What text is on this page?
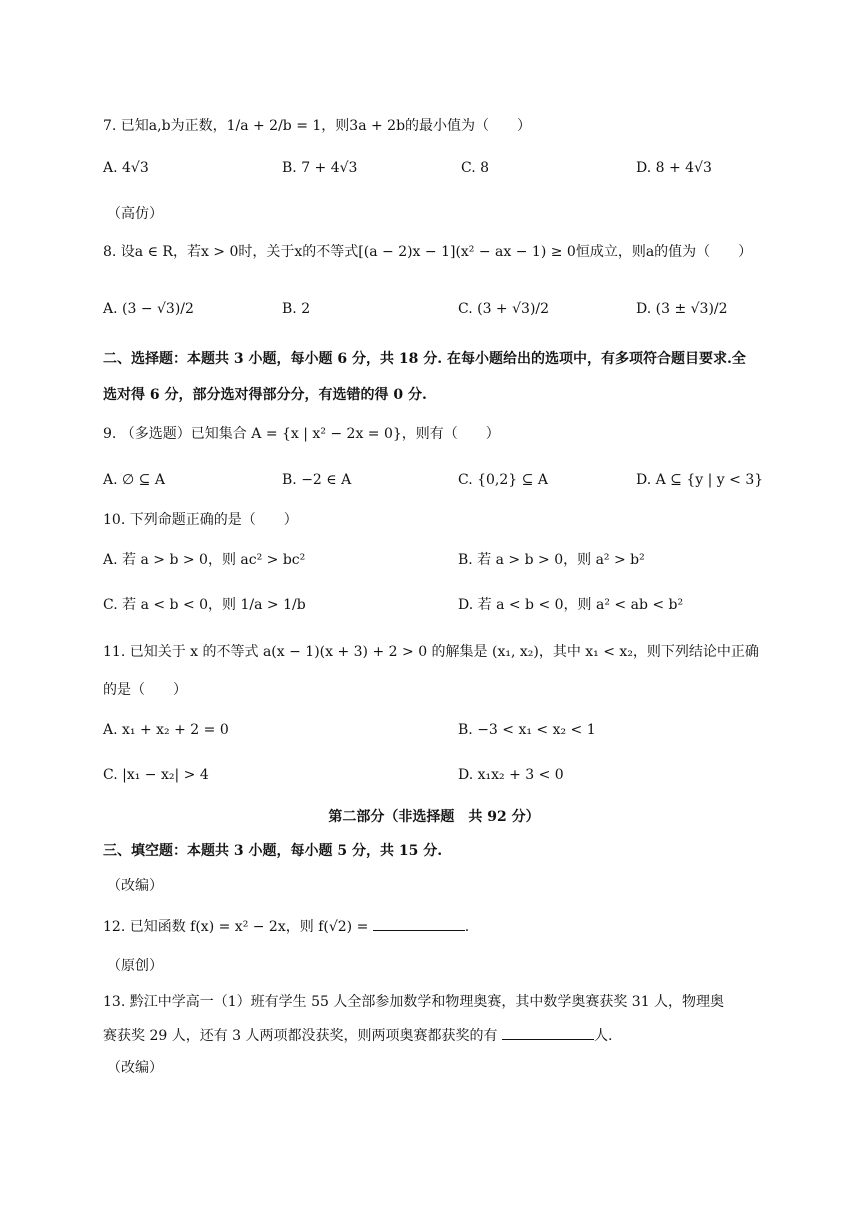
7. 已知a,b为正数，1/a + 2/b = 1，则3a + 2b的最小值为（　　）
A. 4√3	B. 7 + 4√3	C. 8	D. 8 + 4√3
（高仿）
8. 设a ∈ R，若x > 0时，关于x的不等式[(a − 2)x − 1](x² − ax − 1) ≥ 0恒成立，则a的值为（　　）
A. (3 − √3)/2	B. 2	C. (3 + √3)/2	D. (3 ± √3)/2
二、选择题：本题共 3 小题，每小题 6 分，共 18 分. 在每小题给出的选项中，有多项符合题目要求.全
选对得 6 分，部分选对得部分分，有选错的得 0 分.
9. （多选题）已知集合 A = {x | x² − 2x = 0}，则有（　　）
A. ∅ ⊆ A	B. −2 ∈ A	C. {0,2} ⊆ A	D. A ⊆ {y | y < 3}
10. 下列命题正确的是（　　）
A. 若 a > b > 0，则 ac² > bc²	B. 若 a > b > 0，则 a² > b²
C. 若 a < b < 0，则 1/a > 1/b	D. 若 a < b < 0，则 a² < ab < b²
11. 已知关于 x 的不等式 a(x − 1)(x + 3) + 2 > 0 的解集是 (x₁, x₂)，其中 x₁ < x₂，则下列结论中正确
的是（　　）
A. x₁ + x₂ + 2 = 0	B. −3 < x₁ < x₂ < 1
C. |x₁ − x₂| > 4	D. x₁x₂ + 3 < 0
第二部分（非选择题　共 92 分）
三、填空题：本题共 3 小题，每小题 5 分，共 15 分.
（改编）
12. 已知函数 f(x) = x² − 2x，则 f(√2) =	.
（原创）
13. 黔江中学高一（1）班有学生 55 人全部参加数学和物理奥赛，其中数学奥赛获奖 31 人，物理奥
赛获奖 29 人，还有 3 人两项都没获奖，则两项奥赛都获奖的有	人.
（改编）
